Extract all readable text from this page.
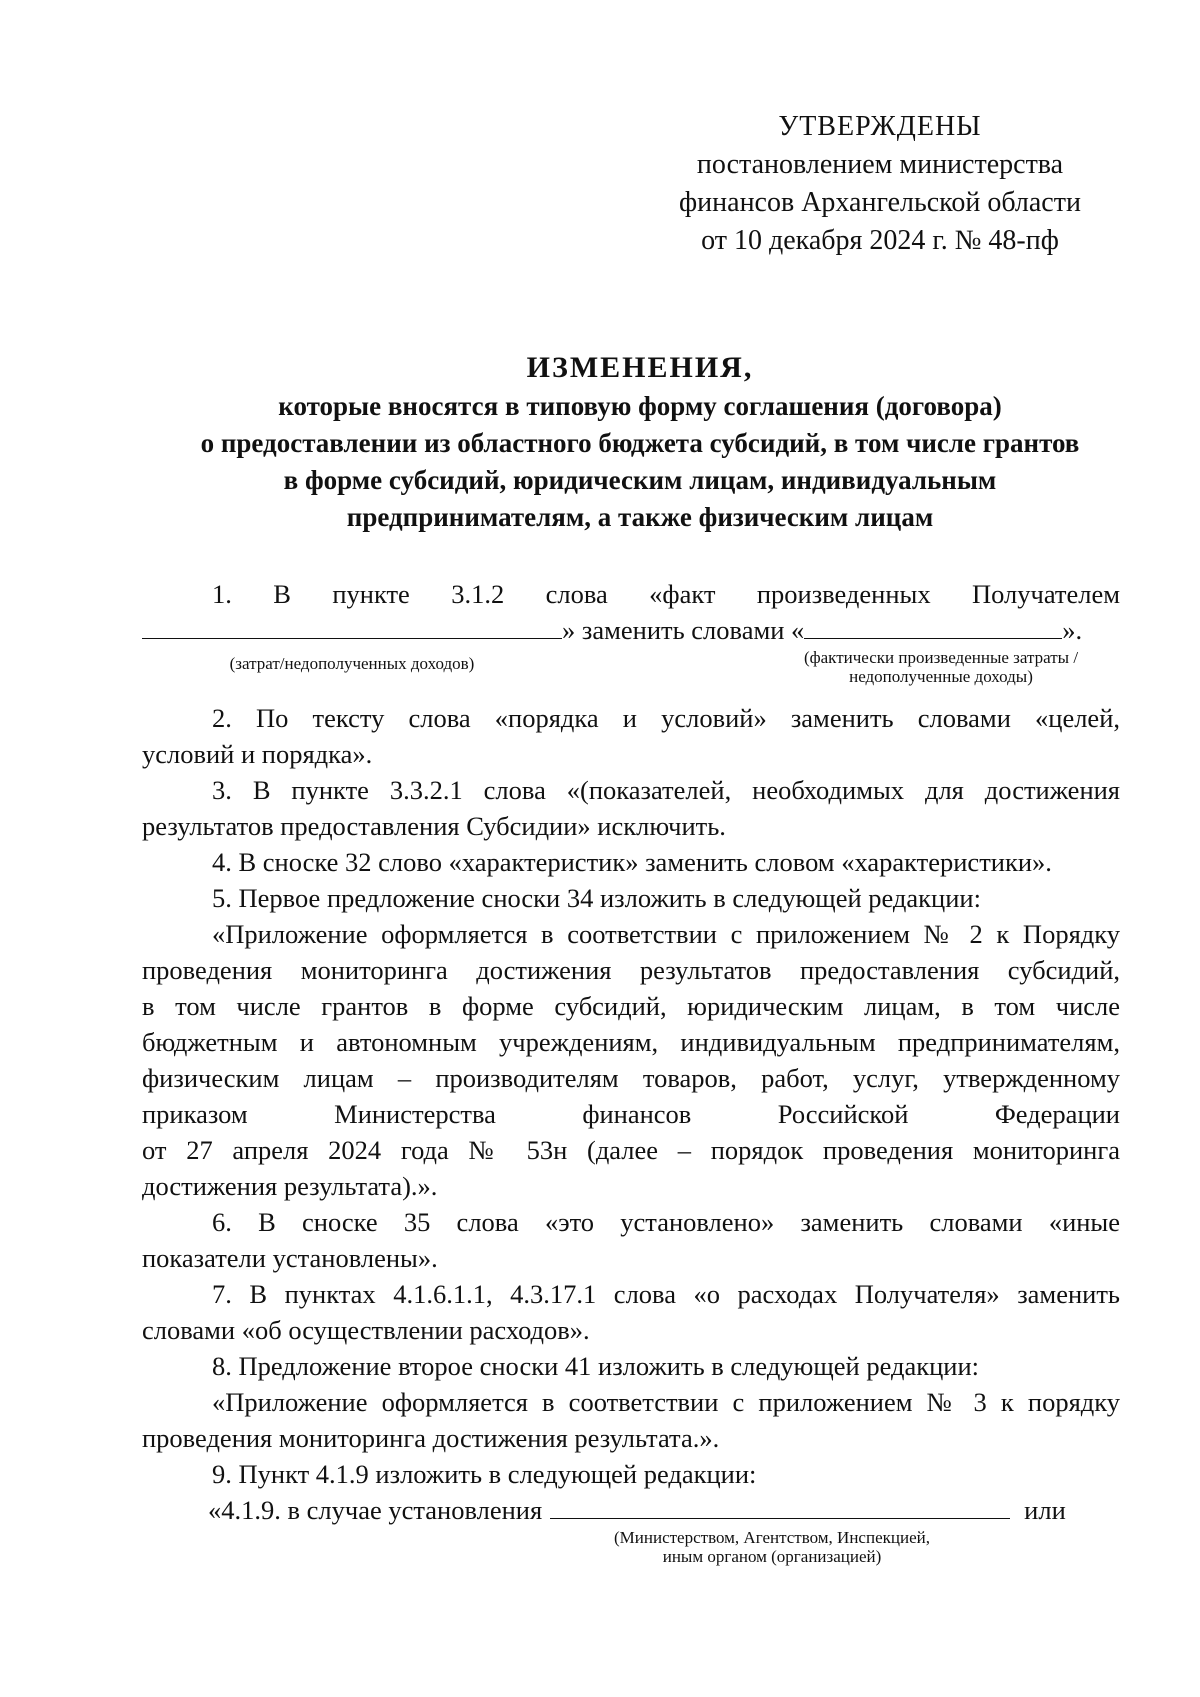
УТВЕРЖДЕНЫ
постановлением министерства
финансов Архангельской области
от 10 декабря 2024 г. № 48-пф
ИЗМЕНЕНИЯ,
которые вносятся в типовую форму соглашения (договора)
о предоставлении из областного бюджета субсидий, в том числе грантов
в форме субсидий, юридическим лицам, индивидуальным
предпринимателям, а также физическим лицам

1. В пункте 3.1.2 слова «факт произведенных Получателем

» заменить словами «	».
(затрат/недополученных доходов)	(фактически произведенные затраты /
недополученные доходы)

2. По тексту слова «порядка и условий» заменить словами «целей,

условий и порядка».

3. В пункте 3.3.2.1 слова «(показателей, необходимых для достижения

результатов предоставления Субсидии» исключить.

4. В сноске 32 слово «характеристик» заменить словом «характеристики».

5. Первое предложение сноски 34 изложить в следующей редакции:

«Приложение оформляется в соответствии с приложением № 2 к Порядку

проведения мониторинга достижения результатов предоставления субсидий,

в том числе грантов в форме субсидий, юридическим лицам, в том числе

бюджетным и автономным учреждениям, индивидуальным предпринимателям,

физическим лицам – производителям товаров, работ, услуг, утвержденному

приказом Министерства финансов Российской Федерации

от 27 апреля 2024 года № 53н (далее – порядок проведения мониторинга

достижения результата).».

6. В сноске 35 слова «это установлено» заменить словами «иные

показатели установлены».

7. В пунктах 4.1.6.1.1, 4.3.17.1 слова «о расходах Получателя» заменить

словами «об осуществлении расходов».

8. Предложение второе сноски 41 изложить в следующей редакции:

«Приложение оформляется в соответствии с приложением № 3 к порядку

проведения мониторинга достижения результата.».

9. Пункт 4.1.9 изложить в следующей редакции:

«4.1.9. в случае установления	или
(Министерством, Агентством, Инспекцией,
иным органом (организацией)
